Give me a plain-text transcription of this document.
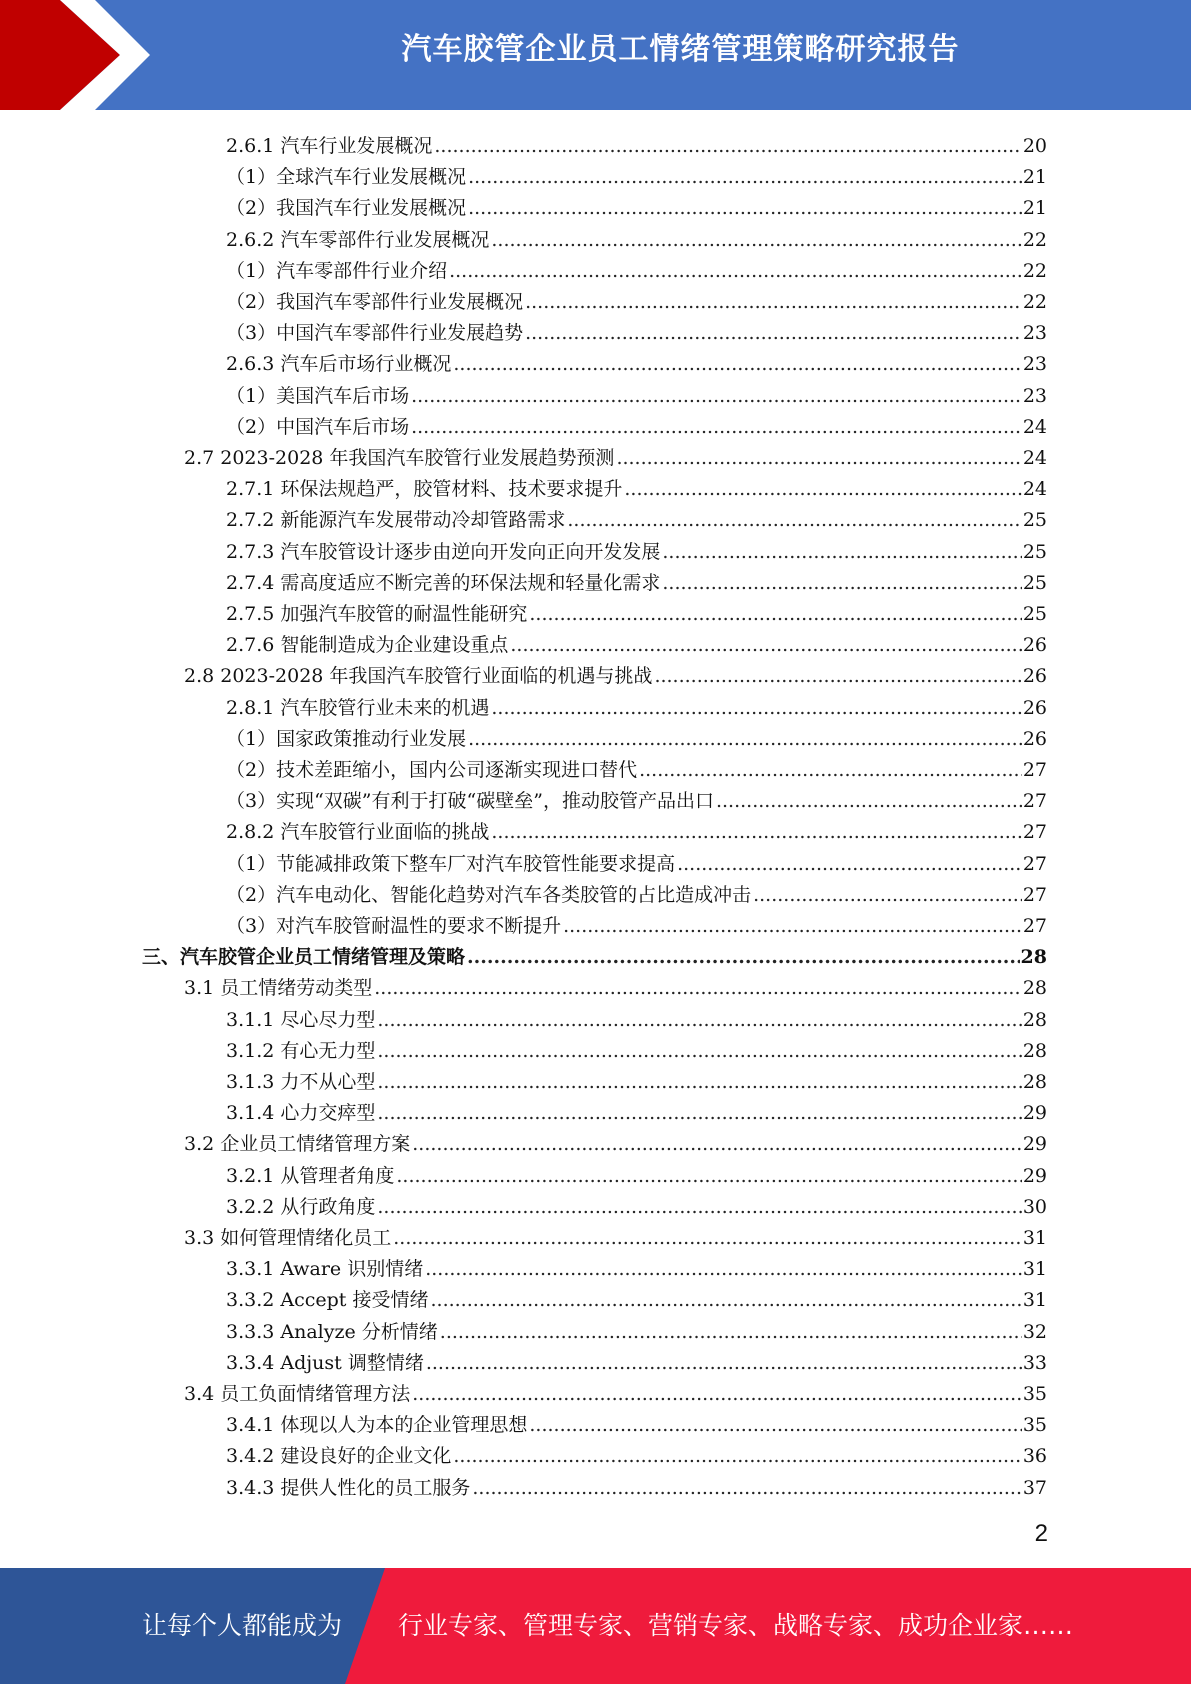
汽车胶管企业员工情绪管理策略研究报告
2.6.1 汽车行业发展概况 .....	20
（1）全球汽车行业发展概况 .....	21
（2）我国汽车行业发展概况 .....	21
2.6.2 汽车零部件行业发展概况 .....	22
（1）汽车零部件行业介绍 .....	22
（2）我国汽车零部件行业发展概况 .....	22
（3）中国汽车零部件行业发展趋势 .....	23
2.6.3 汽车后市场行业概况 .....	23
（1）美国汽车后市场 .....	23
（2）中国汽车后市场 .....	24
2.7 2023-2028 年我国汽车胶管行业发展趋势预测 .....	24
2.7.1 环保法规趋严，胶管材料、技术要求提升 .....	24
2.7.2 新能源汽车发展带动冷却管路需求 .....	25
2.7.3 汽车胶管设计逐步由逆向开发向正向开发发展 .....	25
2.7.4 需高度适应不断完善的环保法规和轻量化需求 .....	25
2.7.5 加强汽车胶管的耐温性能研究 .....	25
2.7.6 智能制造成为企业建设重点 .....	26
2.8 2023-2028 年我国汽车胶管行业面临的机遇与挑战 .....	26
2.8.1 汽车胶管行业未来的机遇 .....	26
（1）国家政策推动行业发展 .....	26
（2）技术差距缩小，国内公司逐渐实现进口替代 .....	27
（3）实现“双碳”有利于打破“碳壁垒”，推动胶管产品出口 .....	27
2.8.2 汽车胶管行业面临的挑战 .....	27
（1）节能减排政策下整车厂对汽车胶管性能要求提高 .....	27
（2）汽车电动化、智能化趋势对汽车各类胶管的占比造成冲击 .....	27
（3）对汽车胶管耐温性的要求不断提升 .....	27
三、汽车胶管企业员工情绪管理及策略 .....	28
3.1 员工情绪劳动类型 .....	28
3.1.1 尽心尽力型 .....	28
3.1.2 有心无力型 .....	28
3.1.3 力不从心型 .....	28
3.1.4 心力交瘁型 .....	29
3.2 企业员工情绪管理方案 .....	29
3.2.1 从管理者角度 .....	29
3.2.2 从行政角度 .....	30
3.3 如何管理情绪化员工 .....	31
3.3.1 Aware 识别情绪 .....	31
3.3.2 Accept 接受情绪 .....	31
3.3.3 Analyze 分析情绪 .....	32
3.3.4 Adjust 调整情绪 .....	33
3.4 员工负面情绪管理方法 .....	35
3.4.1 体现以人为本的企业管理思想 .....	35
3.4.2 建设良好的企业文化 .....	36
3.4.3 提供人性化的员工服务 .....	37
2
让每个人都能成为 行业专家、管理专家、营销专家、战略专家、成功企业家……
